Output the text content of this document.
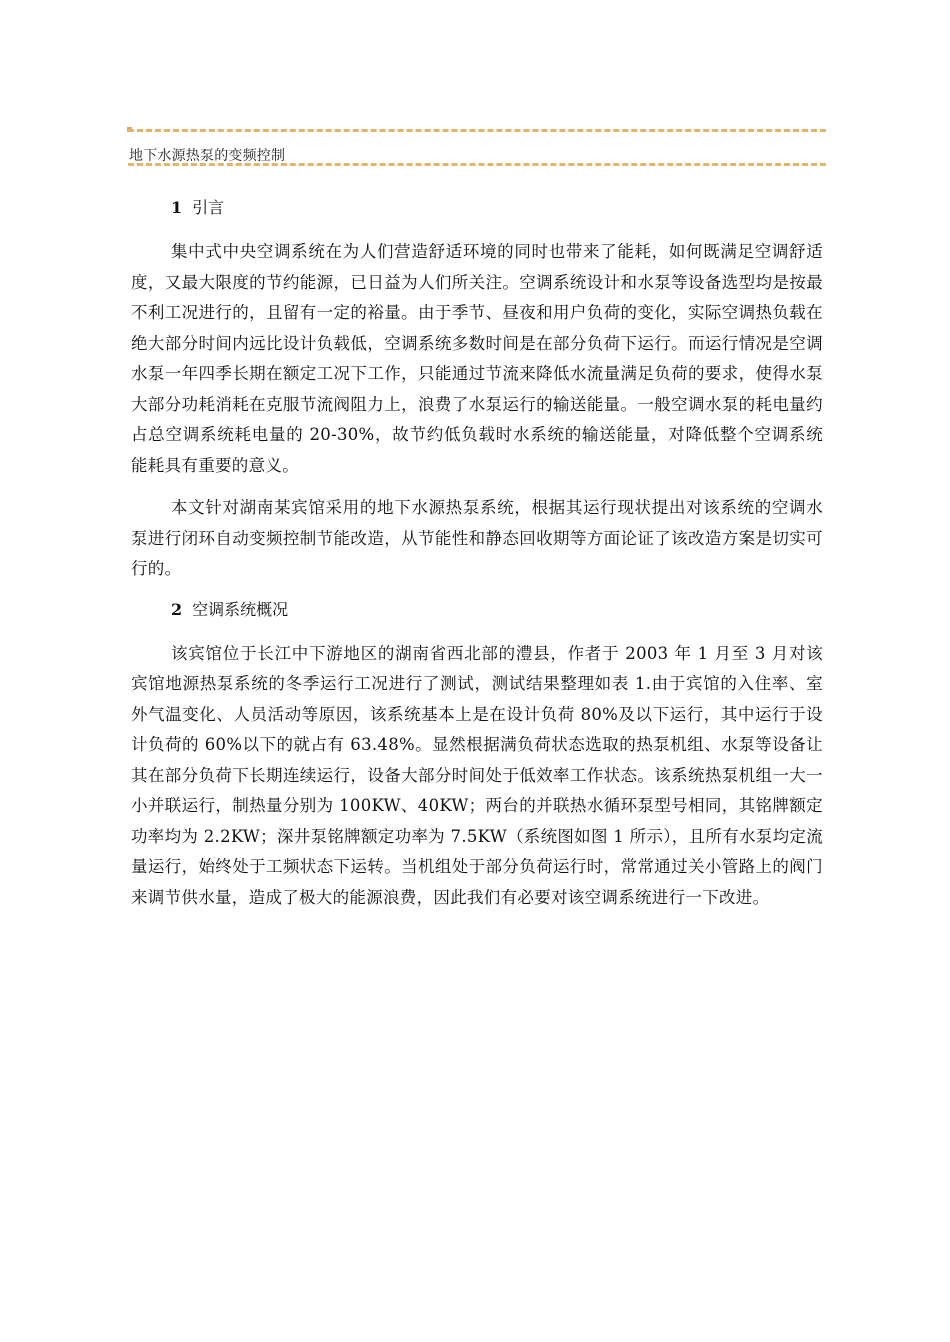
地下水源热泵的变频控制
1 引言

集中式中央空调系统在为人们营造舒适环境的同时也带来了能耗，如何既满足空调舒适度，又最大限度的节约能源，已日益为人们所关注。空调系统设计和水泵等设备选型均是按最不利工况进行的，且留有一定的裕量。由于季节、昼夜和用户负荷的变化，实际空调热负载在绝大部分时间内远比设计负载低，空调系统多数时间是在部分负荷下运行。而运行情况是空调水泵一年四季长期在额定工况下工作，只能通过节流来降低水流量满足负荷的要求，使得水泵大部分功耗消耗在克服节流阀阻力上，浪费了水泵运行的输送能量。一般空调水泵的耗电量约占总空调系统耗电量的 20-30%，故节约低负载时水系统的输送能量，对降低整个空调系统能耗具有重要的意义。

本文针对湖南某宾馆采用的地下水源热泵系统，根据其运行现状提出对该系统的空调水泵进行闭环自动变频控制节能改造，从节能性和静态回收期等方面论证了该改造方案是切实可行的。

2 空调系统概况

该宾馆位于长江中下游地区的湖南省西北部的澧县，作者于 2003 年 1 月至 3 月对该宾馆地源热泵系统的冬季运行工况进行了测试，测试结果整理如表 1.由于宾馆的入住率、室外气温变化、人员活动等原因，该系统基本上是在设计负荷 80%及以下运行，其中运行于设计负荷的 60%以下的就占有 63.48%。显然根据满负荷状态选取的热泵机组、水泵等设备让其在部分负荷下长期连续运行，设备大部分时间处于低效率工作状态。该系统热泵机组一大一小并联运行，制热量分别为 100KW、40KW；两台的并联热水循环泵型号相同，其铭牌额定功率均为 2.2KW；深井泵铭牌额定功率为 7.5KW（系统图如图 1 所示），且所有水泵均定流量运行，始终处于工频状态下运转。当机组处于部分负荷运行时，常常通过关小管路上的阀门来调节供水量，造成了极大的能源浪费，因此我们有必要对该空调系统进行一下改进。
